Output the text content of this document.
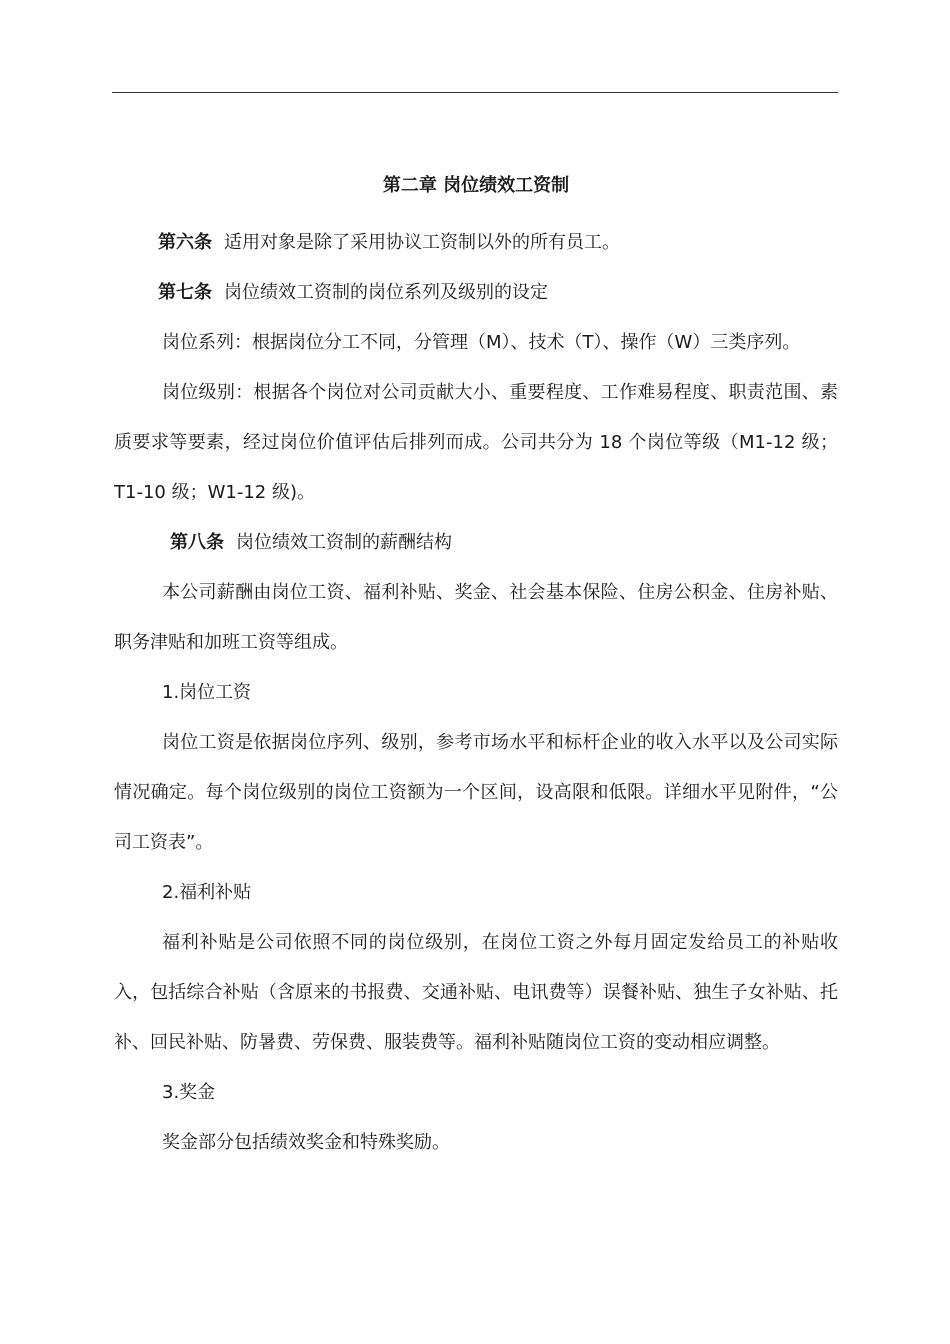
第二章 岗位绩效工资制

第六条 适用对象是除了采用协议工资制以外的所有员工。

第七条 岗位绩效工资制的岗位系列及级别的设定

岗位系列：根据岗位分工不同，分管理（M）、技术（T）、操作（W）三类序列。

岗位级别：根据各个岗位对公司贡献大小、重要程度、工作难易程度、职责范围、素质要求等要素，经过岗位价值评估后排列而成。公司共分为 18 个岗位等级（M1-12 级；T1-10 级；W1-12 级)。

第八条 岗位绩效工资制的薪酬结构

本公司薪酬由岗位工资、福利补贴、奖金、社会基本保险、住房公积金、住房补贴、职务津贴和加班工资等组成。

1.岗位工资

岗位工资是依据岗位序列、级别，参考市场水平和标杆企业的收入水平以及公司实际情况确定。每个岗位级别的岗位工资额为一个区间，设高限和低限。详细水平见附件，“公司工资表”。

2.福利补贴

福利补贴是公司依照不同的岗位级别，在岗位工资之外每月固定发给员工的补贴收入，包括综合补贴（含原来的书报费、交通补贴、电讯费等）误餐补贴、独生子女补贴、托补、回民补贴、防暑费、劳保费、服装费等。福利补贴随岗位工资的变动相应调整。

3.奖金

奖金部分包括绩效奖金和特殊奖励。
